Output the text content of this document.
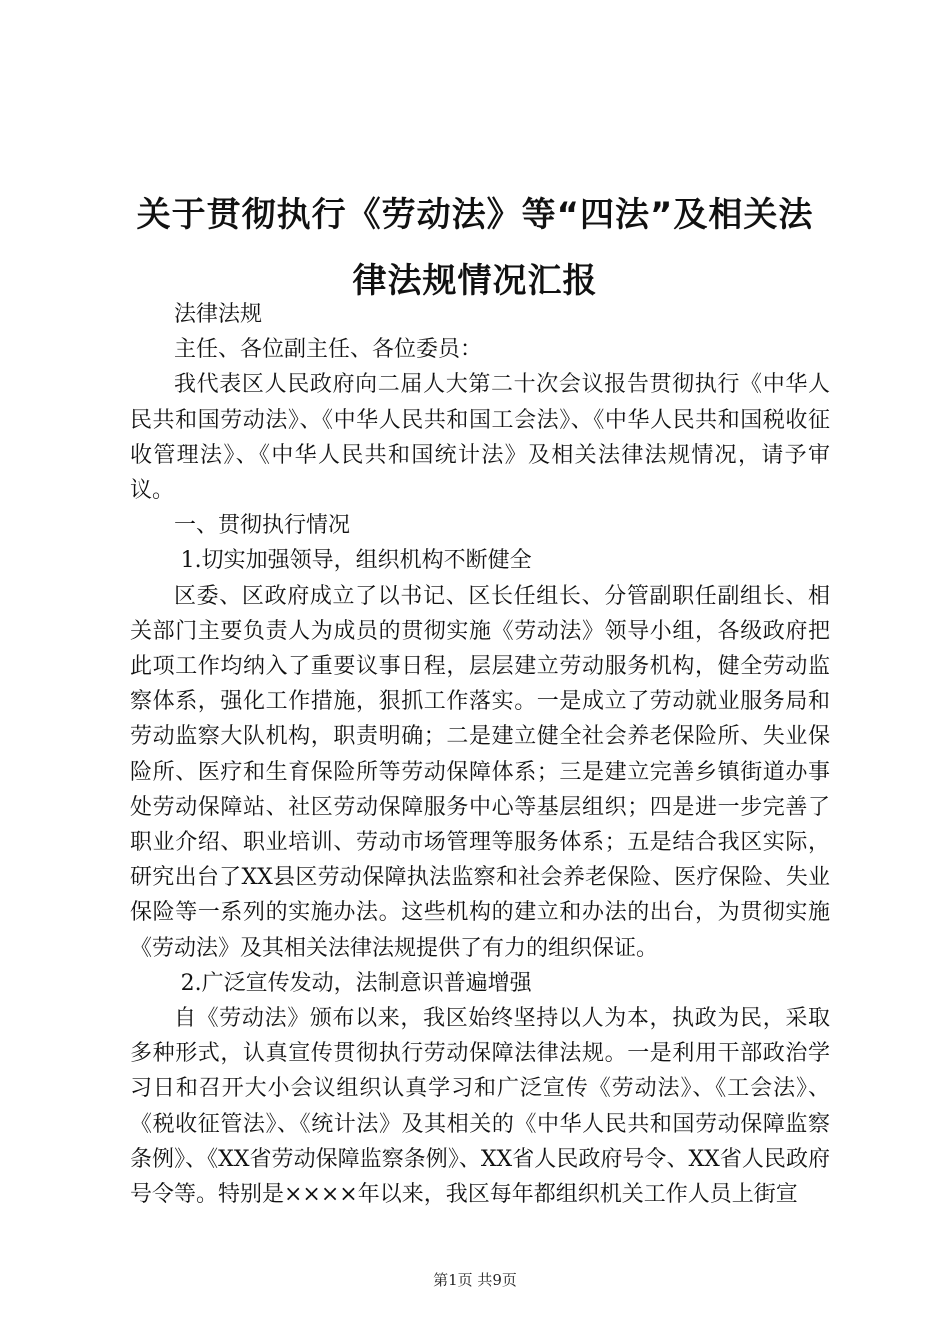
关于贯彻执行《劳动法》等“四法”及相关法
律法规情况汇报

法律法规

主任、各位副主任、各位委员：

我代表区人民政府向二届人大第二十次会议报告贯彻执行《中华人民共和国劳动法》、《中华人民共和国工会法》、《中华人民共和国税收征收管理法》、《中华人民共和国统计法》及相关法律法规情况，请予审议。

一、贯彻执行情况

1.切实加强领导，组织机构不断健全

区委、区政府成立了以书记、区长任组长、分管副职任副组长、相关部门主要负责人为成员的贯彻实施《劳动法》领导小组，各级政府把此项工作均纳入了重要议事日程，层层建立劳动服务机构，健全劳动监察体系，强化工作措施，狠抓工作落实。一是成立了劳动就业服务局和劳动监察大队机构，职责明确；二是建立健全社会养老保险所、失业保险所、医疗和生育保险所等劳动保障体系；三是建立完善乡镇街道办事处劳动保障站、社区劳动保障服务中心等基层组织；四是进一步完善了职业介绍、职业培训、劳动市场管理等服务体系；五是结合我区实际，研究出台了XX县区劳动保障执法监察和社会养老保险、医疗保险、失业保险等一系列的实施办法。这些机构的建立和办法的出台，为贯彻实施《劳动法》及其相关法律法规提供了有力的组织保证。

2.广泛宣传发动，法制意识普遍增强

自《劳动法》颁布以来，我区始终坚持以人为本，执政为民，采取多种形式，认真宣传贯彻执行劳动保障法律法规。一是利用干部政治学习日和召开大小会议组织认真学习和广泛宣传《劳动法》、《工会法》、《税收征管法》、《统计法》及其相关的《中华人民共和国劳动保障监察条例》、《XX省劳动保障监察条例》、XX省人民政府号令、XX省人民政府号令等。特别是××××年以来，我区每年都组织机关工作人员上街宣

第1页 共9页
